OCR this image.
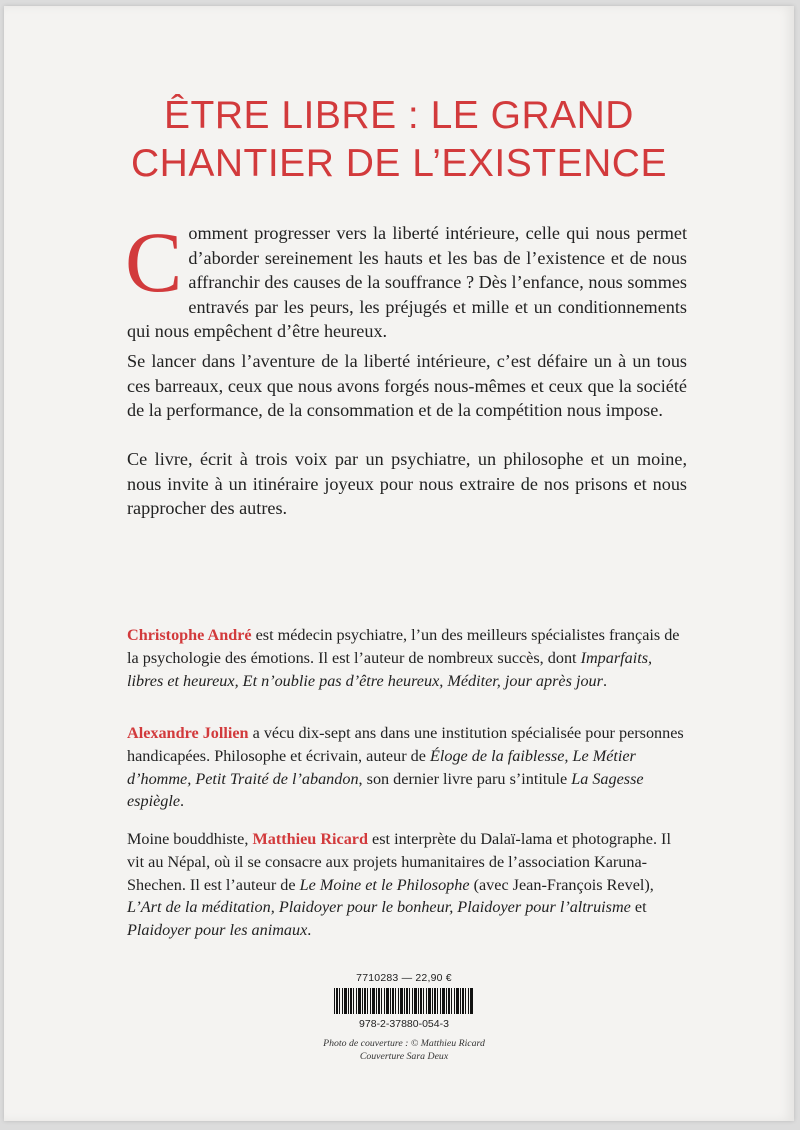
ÊTRE LIBRE : LE GRAND
CHANTIER DE L’EXISTENCE
Comment progresser vers la liberté intérieure, celle qui nous permet d’aborder sereinement les hauts et les bas de l’existence et de nous affranchir des causes de la souffrance ? Dès l’enfance, nous sommes entravés par les peurs, les préjugés et mille et un conditionnements qui nous empêchent d’être heureux.
Se lancer dans l’aventure de la liberté intérieure, c’est défaire un à un tous ces barreaux, ceux que nous avons forgés nous-mêmes et ceux que la société de la performance, de la consommation et de la compétition nous impose.
Ce livre, écrit à trois voix par un psychiatre, un philosophe et un moine, nous invite à un itinéraire joyeux pour nous extraire de nos prisons et nous rapprocher des autres.
Christophe André est médecin psychiatre, l’un des meilleurs spécialistes français de la psychologie des émotions. Il est l’auteur de nombreux succès, dont Imparfaits, libres et heureux, Et n’oublie pas d’être heureux, Méditer, jour après jour.
Alexandre Jollien a vécu dix-sept ans dans une institution spécialisée pour personnes handicapées. Philosophe et écrivain, auteur de Éloge de la faiblesse, Le Métier d’homme, Petit Traité de l’abandon, son dernier livre paru s’intitule La Sagesse espiègle.
Moine bouddhiste, Matthieu Ricard est interprète du Dalaï-lama et photographe. Il vit au Népal, où il se consacre aux projets humanitaires de l’association Karuna-Shechen. Il est l’auteur de Le Moine et le Philosophe (avec Jean-François Revel), L’Art de la méditation, Plaidoyer pour le bonheur, Plaidoyer pour l’altruisme et Plaidoyer pour les animaux.
7710283 — 22,90 €
978-2-37880-054-3
Photo de couverture : © Matthieu Ricard
Couverture Sara Deux
